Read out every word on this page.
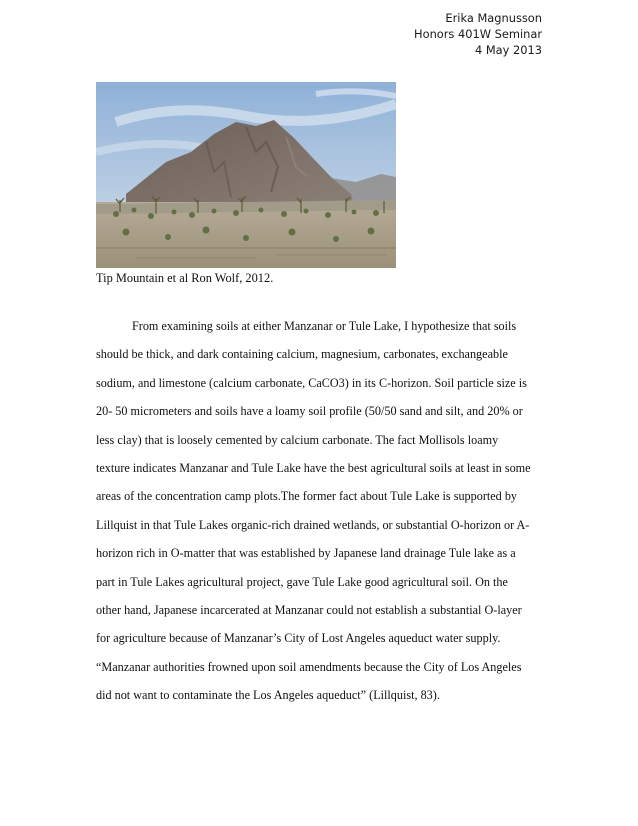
Erika Magnusson
Honors 401W Seminar
4 May 2013
Tip Mountain et al Ron Wolf, 2012.

From examining soils at either Manzanar or Tule Lake, I hypothesize that soils
should be thick, and dark containing calcium, magnesium, carbonates, exchangeable
sodium, and limestone (calcium carbonate, CaCO3) in its C-horizon. Soil particle size is
20- 50 micrometers and soils have a loamy soil profile (50/50 sand and silt, and 20% or
less clay) that is loosely cemented by calcium carbonate. The fact Mollisols loamy
texture indicates Manzanar and Tule Lake have the best agricultural soils at least in some
areas of the concentration camp plots.The former fact about Tule Lake is supported by
Lillquist in that Tule Lakes organic-rich drained wetlands, or substantial O-horizon or A-
horizon rich in O-matter that was established by Japanese land drainage Tule lake as a
part in Tule Lakes agricultural project, gave Tule Lake good agricultural soil. On the
other hand, Japanese incarcerated at Manzanar could not establish a substantial O-layer
for agriculture because of Manzanar’s City of Lost Angeles aqueduct water supply.
“Manzanar authorities frowned upon soil amendments because the City of Los Angeles
did not want to contaminate the Los Angeles aqueduct” (Lillquist, 83).
